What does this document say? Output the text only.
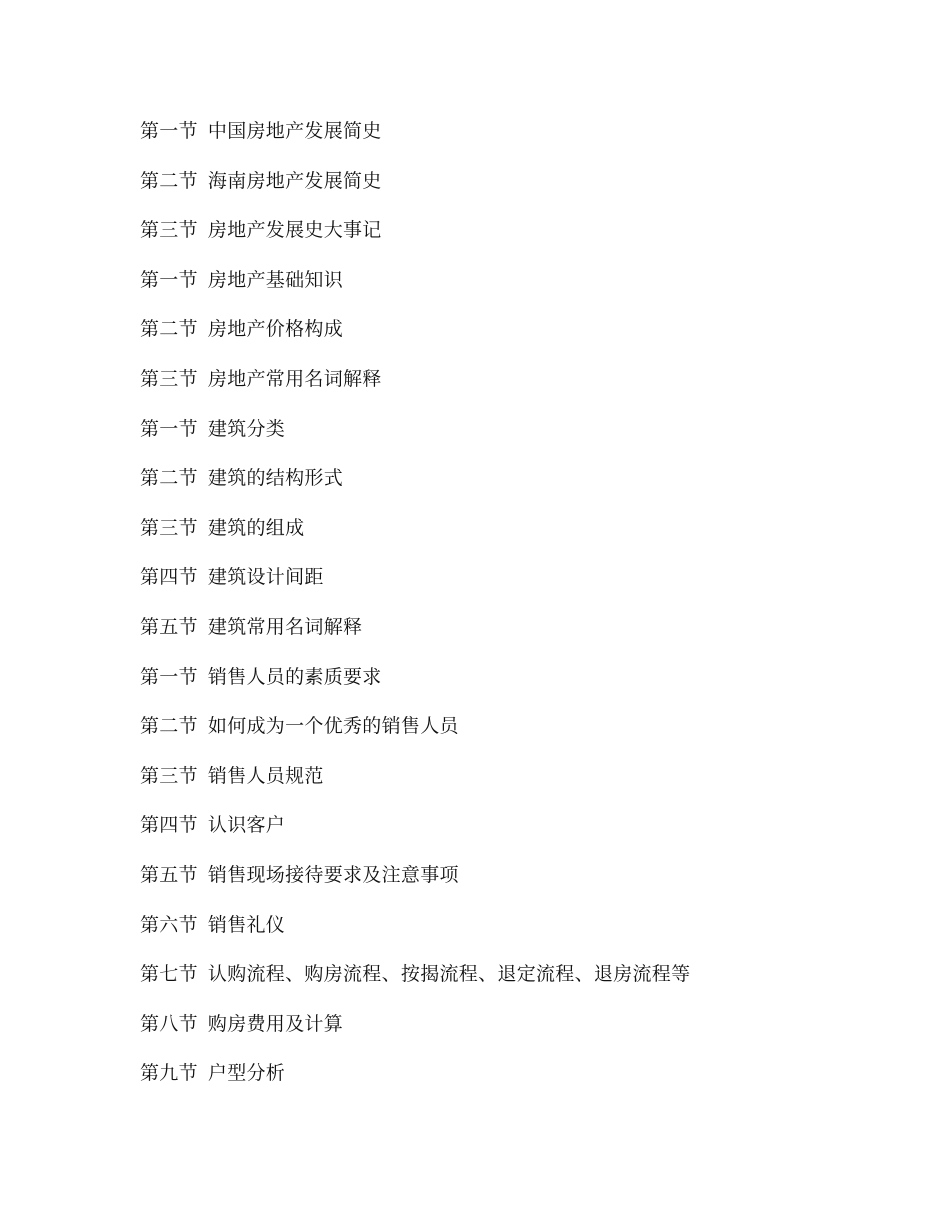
第一节 中国房地产发展简史
第二节 海南房地产发展简史
第三节 房地产发展史大事记
第一节 房地产基础知识
第二节 房地产价格构成
第三节 房地产常用名词解释
第一节 建筑分类
第二节 建筑的结构形式
第三节 建筑的组成
第四节 建筑设计间距
第五节 建筑常用名词解释
第一节 销售人员的素质要求
第二节 如何成为一个优秀的销售人员
第三节 销售人员规范
第四节 认识客户
第五节 销售现场接待要求及注意事项
第六节 销售礼仪
第七节 认购流程、购房流程、按揭流程、退定流程、退房流程等
第八节 购房费用及计算
第九节 户型分析
